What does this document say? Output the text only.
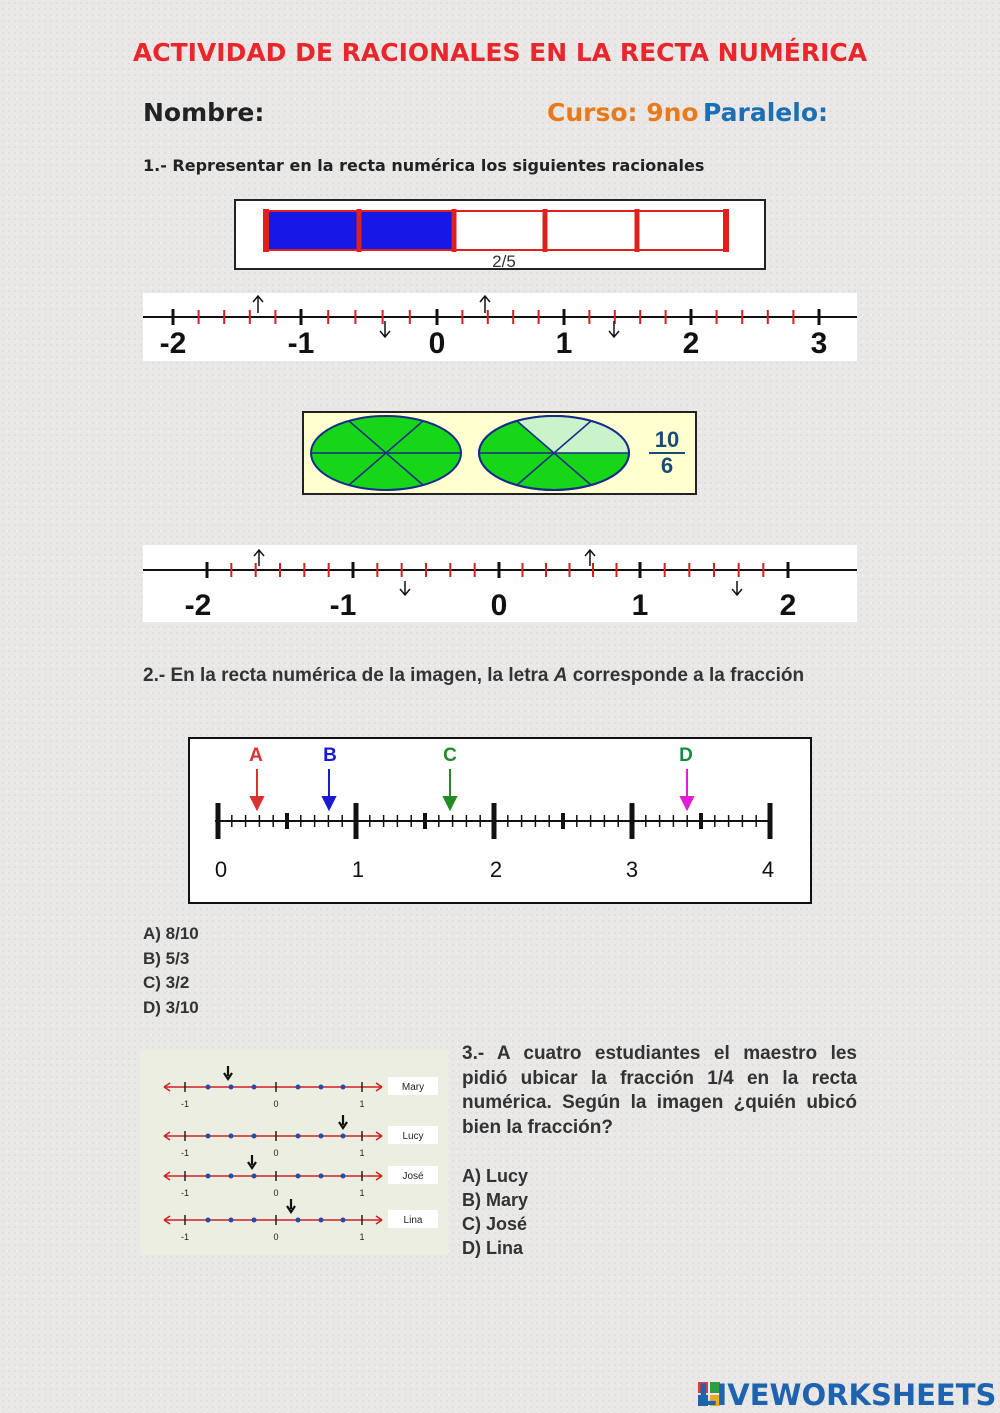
ACTIVIDAD DE RACIONALES EN LA RECTA NUMÉRICA
Nombre:	Curso: 9no Paralelo:
1.- Representar en la recta numérica los siguientes racionales
2/5
-2	-1	0	1	2	3
10
6
-2	-1	0	1	2
2.- En la recta numérica de la imagen, la letra A corresponde a la fracción
A	B	C	D
0	1	2	3	4
A) 8/10
B) 5/3
C) 3/2
D) 3/10
-1	0	1
Mary
-1	0	1
Lucy
-1	0	1
José
-1	0	1
Lina
3.- A cuatro estudiantes el maestro les pidió ubicar la fracción 1/4 en la recta numérica. Según la imagen ¿quién ubicó bien la fracción?
A) Lucy
B) Mary
C) José
D) Lina
LIVEWORKSHEETS
